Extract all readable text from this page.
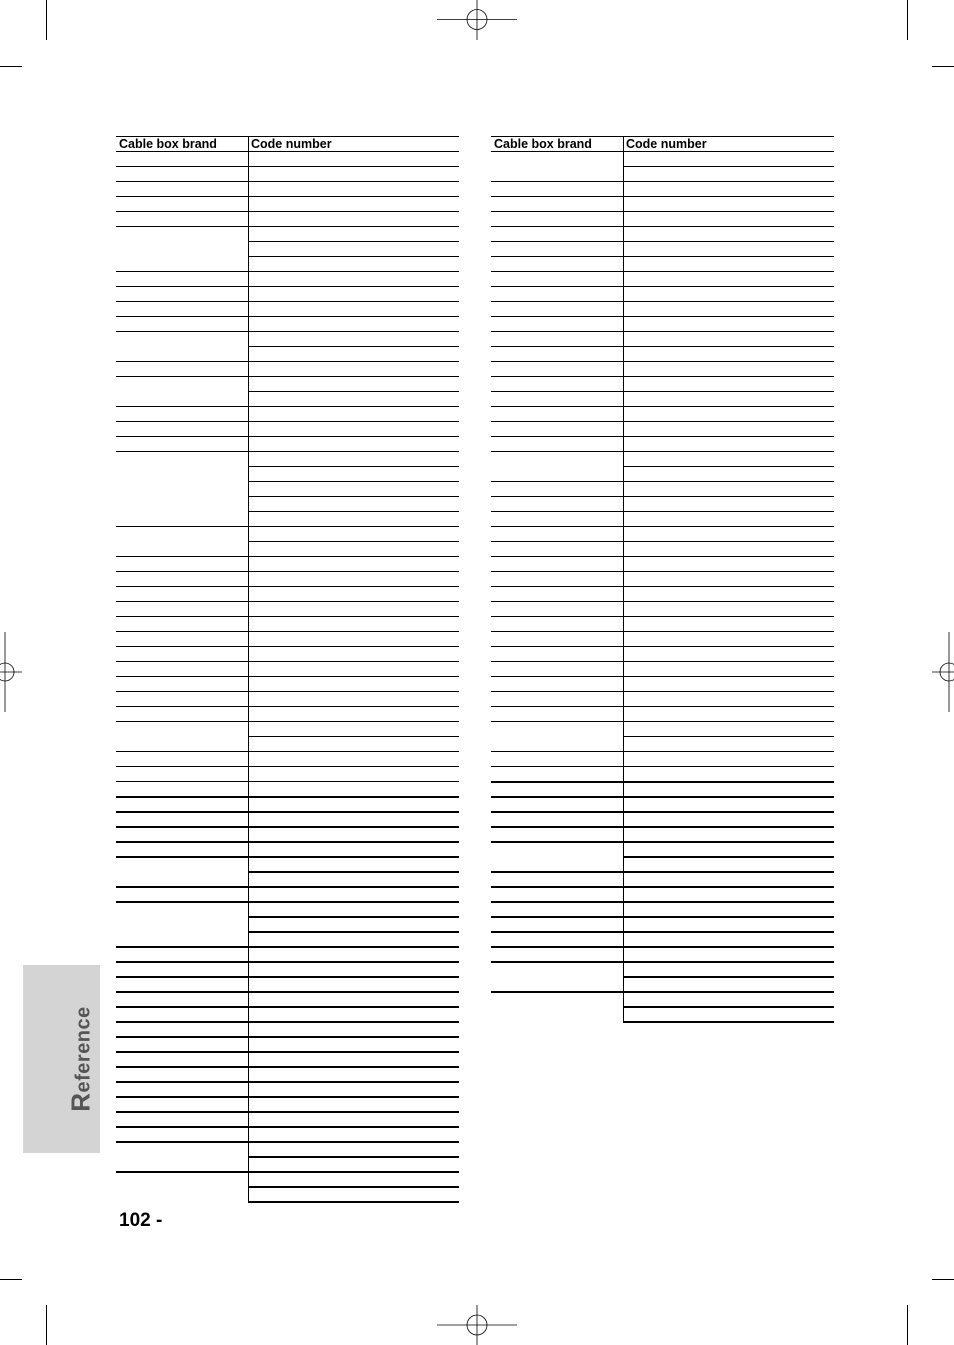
Reference
Cable box brand	Code number	Cable box brand	Code number
102 -
